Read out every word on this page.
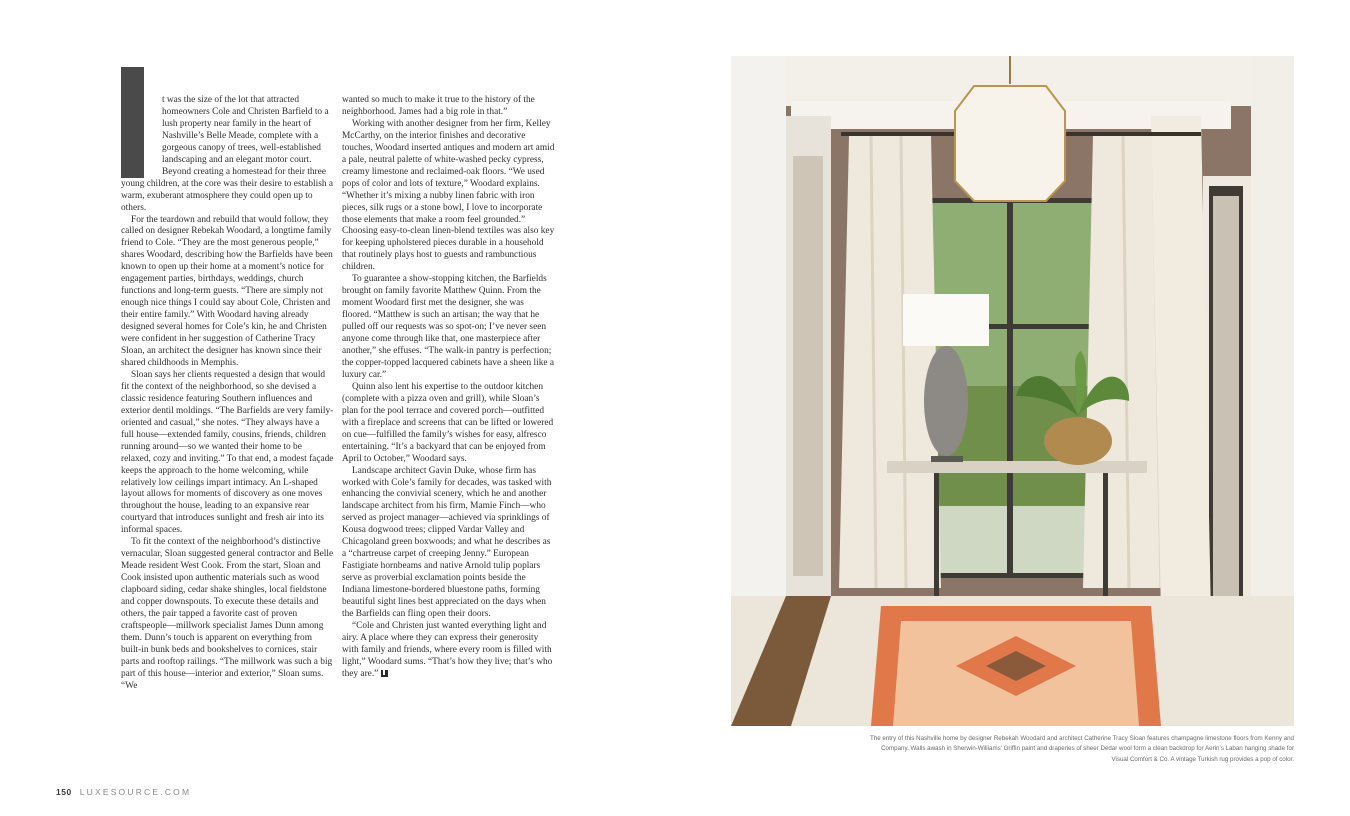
t was the size of the lot that attracted homeowners Cole and Christen Barfield to a lush property near family in the heart of Nashville’s Belle Meade, complete with a gorgeous canopy of trees, well-established landscaping and an elegant motor court. Beyond creating a homestead for their three young children, at the core was their desire to establish a warm, exuberant atmosphere they could open up to others.

For the teardown and rebuild that would follow, they called on designer Rebekah Woodard, a longtime family friend to Cole. “They are the most generous people,” shares Woodard, describing how the Barfields have been known to open up their home at a moment’s notice for engagement parties, birthdays, weddings, church functions and long-term guests. “There are simply not enough nice things I could say about Cole, Christen and their entire family.” With Woodard having already designed several homes for Cole’s kin, he and Christen were confident in her suggestion of Catherine Tracy Sloan, an architect the designer has known since their shared childhoods in Memphis.

Sloan says her clients requested a design that would fit the context of the neighborhood, so she devised a classic residence featuring Southern influences and exterior dentil moldings. “The Barfields are very family-oriented and casual,” she notes. “They always have a full house—extended family, cousins, friends, children running around—so we wanted their home to be relaxed, cozy and inviting.” To that end, a modest façade keeps the approach to the home welcoming, while relatively low ceilings impart intimacy. An L-shaped layout allows for moments of discovery as one moves throughout the house, leading to an expansive rear courtyard that introduces sunlight and fresh air into its informal spaces.

To fit the context of the neighborhood’s distinctive vernacular, Sloan suggested general contractor and Belle Meade resident West Cook. From the start, Sloan and Cook insisted upon authentic materials such as wood clapboard siding, cedar shake shingles, local fieldstone and copper downspouts. To execute these details and others, the pair tapped a favorite cast of proven craftspeople—millwork specialist James Dunn among them. Dunn’s touch is apparent on everything from built-in bunk beds and bookshelves to cornices, stair parts and rooftop railings. “The millwork was such a big part of this house—interior and exterior,” Sloan sums. “We

wanted so much to make it true to the history of the neighborhood. James had a big role in that.”

Working with another designer from her firm, Kelley McCarthy, on the interior finishes and decorative touches, Woodard inserted antiques and modern art amid a pale, neutral palette of white-washed pecky cypress, creamy limestone and reclaimed-oak floors. “We used pops of color and lots of texture,” Woodard explains. “Whether it’s mixing a nubby linen fabric with iron pieces, silk rugs or a stone bowl, I love to incorporate those elements that make a room feel grounded.” Choosing easy-to-clean linen-blend textiles was also key for keeping upholstered pieces durable in a household that routinely plays host to guests and rambunctious children.

To guarantee a show-stopping kitchen, the Barfields brought on family favorite Matthew Quinn. From the moment Woodard first met the designer, she was floored. “Matthew is such an artisan; the way that he pulled off our requests was so spot-on; I’ve never seen anyone come through like that, one masterpiece after another,” she effuses. “The walk-in pantry is perfection; the copper-topped lacquered cabinets have a sheen like a luxury car.”

Quinn also lent his expertise to the outdoor kitchen (complete with a pizza oven and grill), while Sloan’s plan for the pool terrace and covered porch—outfitted with a fireplace and screens that can be lifted or lowered on cue—fulfilled the family’s wishes for easy, alfresco entertaining. “It’s a backyard that can be enjoyed from April to October,” Woodard says.

Landscape architect Gavin Duke, whose firm has worked with Cole’s family for decades, was tasked with enhancing the convivial scenery, which he and another landscape architect from his firm, Mamie Finch—who served as project manager—achieved via sprinklings of Kousa dogwood trees; clipped Vardar Valley and Chicagoland green boxwoods; and what he describes as a “chartreuse carpet of creeping Jenny.” European Fastigiate hornbeams and native Arnold tulip poplars serve as proverbial exclamation points beside the Indiana limestone-bordered bluestone paths, forming beautiful sight lines best appreciated on the days when the Barfields can fling open their doors.

“Cole and Christen just wanted everything light and airy. A place where they can express their generosity with family and friends, where every room is filled with light,” Woodard sums. “That’s how they live; that’s who they are.”

150 LUXESOURCE.COM
The entry of this Nashville home by designer Rebekah Woodard and architect Catherine Tracy Sloan features champagne limestone floors from Kenny and Company. Walls awash in Sherwin-Williams’ Griffin paint and draperies of sheer Dedar wool form a clean backdrop for Aerin’s Laban hanging shade for Visual Comfort & Co. A vintage Turkish rug provides a pop of color.
